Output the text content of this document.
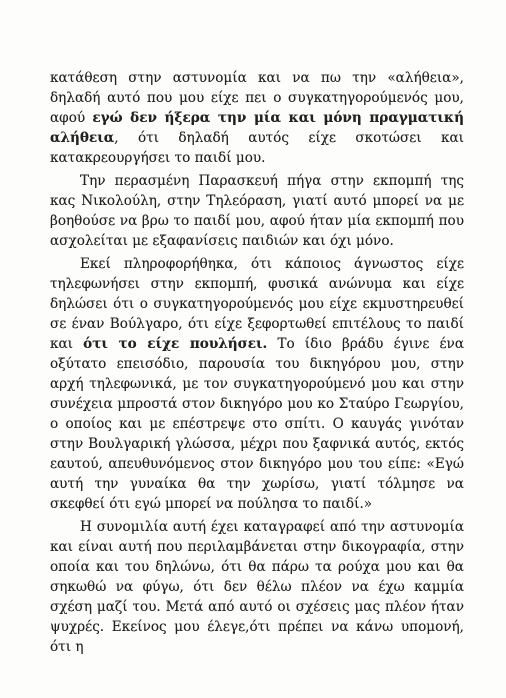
κατάθεση στην αστυνομία και να πω την «αλήθεια», δηλαδή αυτό που μου είχε πει ο συγκατηγορούμενός μου, αφού εγώ δεν ήξερα την μία και μόνη πραγματική αλήθεια, ότι δηλαδή αυτός είχε σκοτώσει και κατακρεουργήσει το παιδί μου.

Την περασμένη Παρασκευή πήγα στην εκπομπή της κας Νικολούλη, στην Τηλεόραση, γιατί αυτό μπορεί να με βοηθούσε να βρω το παιδί μου, αφού ήταν μία εκπομπή που ασχολείται με εξαφανίσεις παιδιών και όχι μόνο.

Εκεί πληροφορήθηκα, ότι κάποιος άγνωστος είχε τηλεφωνήσει στην εκπομπή, φυσικά ανώνυμα και είχε δηλώσει ότι ο συγκατηγορούμενός μου είχε εκμυστηρευθεί σε έναν Βούλγαρο, ότι είχε ξεφορτωθεί επιτέλους το παιδί και ότι το είχε πουλήσει. Το ίδιο βράδυ έγινε ένα οξύτατο επεισόδιο, παρουσία του δικηγόρου μου, στην αρχή τηλεφωνικά, με τον συγκατηγορούμενό μου και στην συνέχεια μπροστά στον δικηγόρο μου κο Σταύρο Γεωργίου, ο οποίος και με επέστρεψε στο σπίτι. Ο καυγάς γινόταν στην Βουλγαρική γλώσσα, μέχρι που ξαφνικά αυτός, εκτός εαυτού, απευθυνόμενος στον δικηγόρο μου του είπε: «Εγώ αυτή την γυναίκα θα την χωρίσω, γιατί τόλμησε να σκεφθεί ότι εγώ μπορεί να πούλησα το παιδί.»

Η συνομιλία αυτή έχει καταγραφεί από την αστυνομία και είναι αυτή που περιλαμβάνεται στην δικογραφία, στην οποία και του δηλώνω, ότι θα πάρω τα ρούχα μου και θα σηκωθώ να φύγω, ότι δεν θέλω πλέον να έχω καμμία σχέση μαζί του. Μετά από αυτό οι σχέσεις μας πλέον ήταν ψυχρές. Εκείνος μου έλεγε,ότι πρέπει να κάνω υπομονή, ότι η
